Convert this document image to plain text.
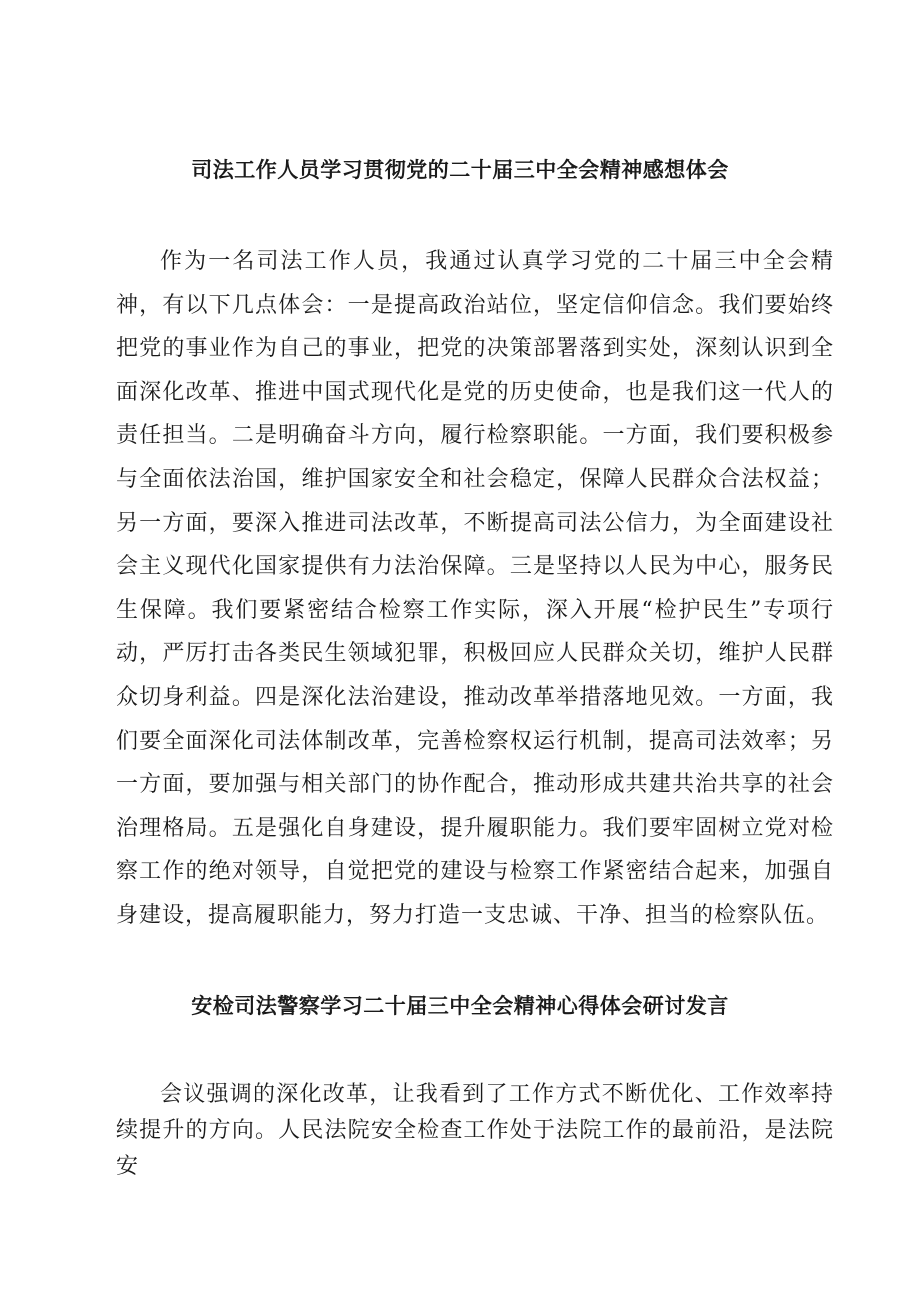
司法工作人员学习贯彻党的二十届三中全会精神感想体会

作为一名司法工作人员，我通过认真学习党的二十届三中全会精神，有以下几点体会：一是提高政治站位，坚定信仰信念。我们要始终把党的事业作为自己的事业，把党的决策部署落到实处，深刻认识到全面深化改革、推进中国式现代化是党的历史使命，也是我们这一代人的责任担当。二是明确奋斗方向，履行检察职能。一方面，我们要积极参与全面依法治国，维护国家安全和社会稳定，保障人民群众合法权益；另一方面，要深入推进司法改革，不断提高司法公信力，为全面建设社会主义现代化国家提供有力法治保障。三是坚持以人民为中心，服务民生保障。我们要紧密结合检察工作实际，深入开展“检护民生”专项行动，严厉打击各类民生领域犯罪，积极回应人民群众关切，维护人民群众切身利益。四是深化法治建设，推动改革举措落地见效。一方面，我们要全面深化司法体制改革，完善检察权运行机制，提高司法效率；另一方面，要加强与相关部门的协作配合，推动形成共建共治共享的社会治理格局。五是强化自身建设，提升履职能力。我们要牢固树立党对检察工作的绝对领导，自觉把党的建设与检察工作紧密结合起来，加强自身建设，提高履职能力，努力打造一支忠诚、干净、担当的检察队伍。

安检司法警察学习二十届三中全会精神心得体会研讨发言

会议强调的深化改革，让我看到了工作方式不断优化、工作效率持续提升的方向。人民法院安全检查工作处于法院工作的最前沿，是法院安
